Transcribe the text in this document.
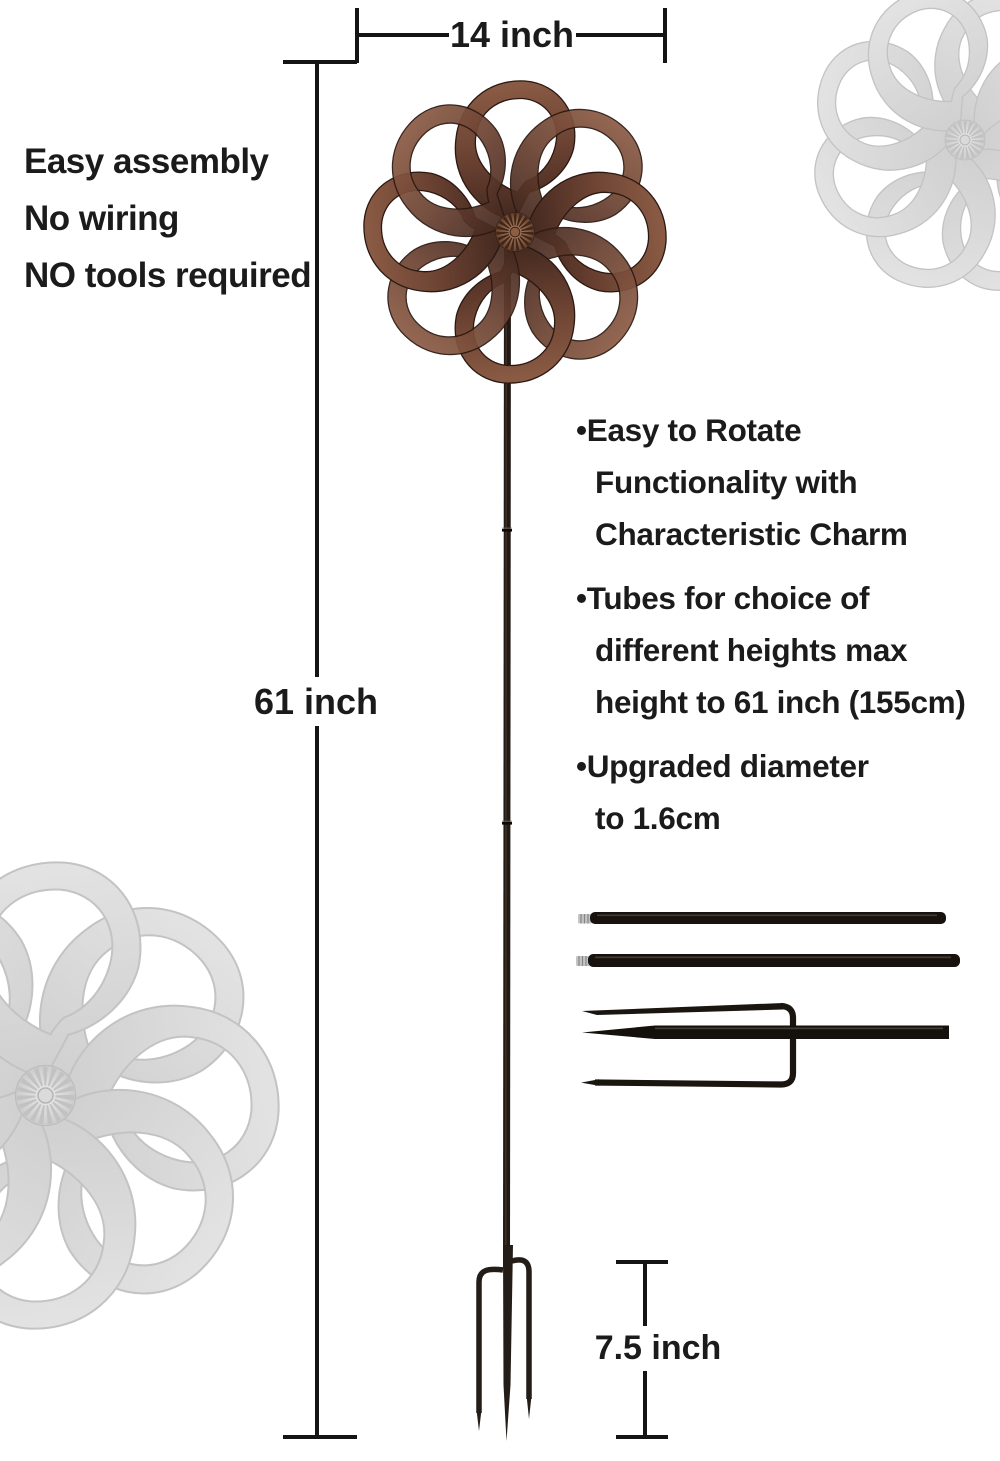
14 inch
61 inch
7.5 inch
Easy assembly
No wiring
NO tools required
•Easy to Rotate
Functionality with
Characteristic Charm
•Tubes for choice of
different heights max
height to 61 inch (155cm)
•Upgraded diameter
to 1.6cm
